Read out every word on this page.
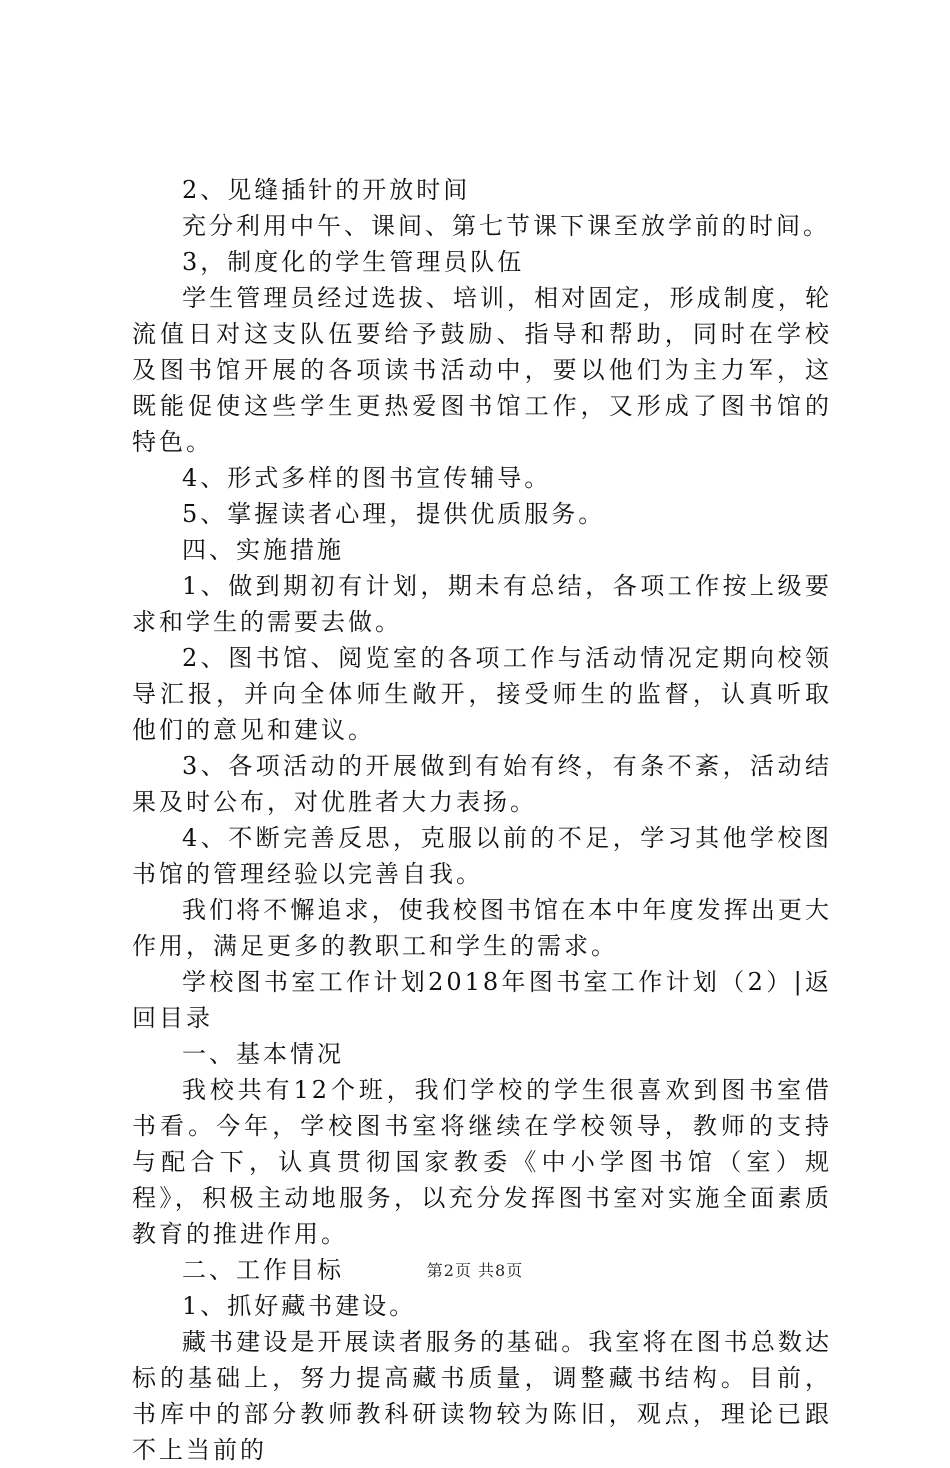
2、见缝插针的开放时间

充分利用中午、课间、第七节课下课至放学前的时间。

3，制度化的学生管理员队伍

学生管理员经过选拔、培训，相对固定，形成制度，轮流值日对这支队伍要给予鼓励、指导和帮助，同时在学校及图书馆开展的各项读书活动中，要以他们为主力军，这既能促使这些学生更热爱图书馆工作，又形成了图书馆的特色。

4、形式多样的图书宣传辅导。

5、掌握读者心理，提供优质服务。

四、实施措施

1、做到期初有计划，期未有总结，各项工作按上级要求和学生的需要去做。

2、图书馆、阅览室的各项工作与活动情况定期向校领导汇报，并向全体师生敞开，接受师生的监督，认真听取他们的意见和建议。

3、各项活动的开展做到有始有终，有条不紊，活动结果及时公布，对优胜者大力表扬。

4、不断完善反思，克服以前的不足，学习其他学校图书馆的管理经验以完善自我。

我们将不懈追求，使我校图书馆在本中年度发挥出更大作用，满足更多的教职工和学生的需求。

学校图书室工作计划2018年图书室工作计划（2）|返回目录

一、基本情况

我校共有12个班，我们学校的学生很喜欢到图书室借书看。今年，学校图书室将继续在学校领导，教师的支持与配合下，认真贯彻国家教委《中小学图书馆（室）规程》，积极主动地服务，以充分发挥图书室对实施全面素质教育的推进作用。

二、工作目标

1、抓好藏书建设。

藏书建设是开展读者服务的基础。我室将在图书总数达标的基础上，努力提高藏书质量，调整藏书结构。目前，书库中的部分教师教科研读物较为陈旧，观点，理论已跟不上当前的

第2页 共8页
